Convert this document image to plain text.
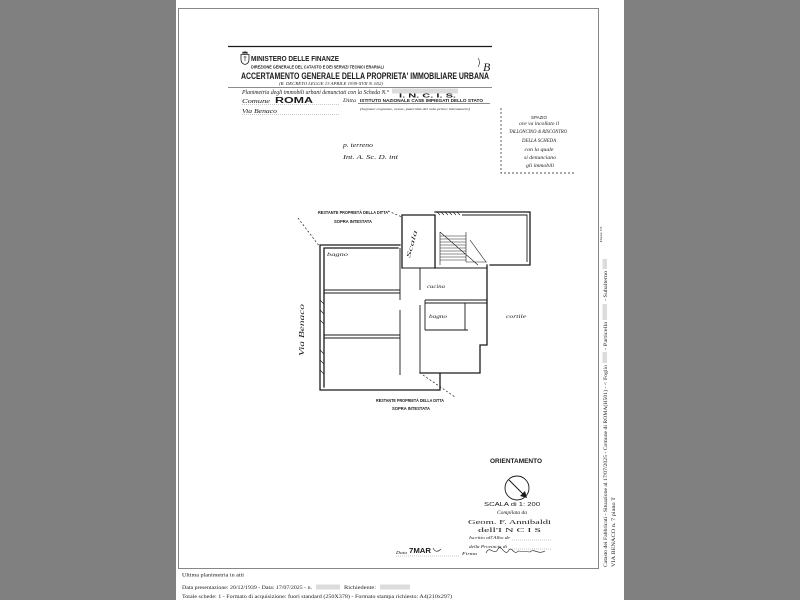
MINISTERO DELLE FINANZE
DIREZIONE GENERALE DEL CATASTO E DEI SERVIZI TECNICI ERARIALI
ACCERTAMENTO GENERALE DELLA PROPRIETA' IMMOBILIARE URBANA
(R. DECRETO LEGGE 13 APRILE 1939-XVII N. 652)
B
Planimetria degli immobili urbani denunciati con la Scheda N.°
I. N. C. I. S.
Comune ROMA	Ditta ISTITUTO NAZIONALE CASE IMPIEGATI DELLO STATO
Via Benaco	(Segnare cognome, nome, paternità del solo primo intestatario)
SPAZIO
ove va incollato il
TALLONCINO di RISCONTRO
DELLA SCHEDA
con la quale
si denunciano
gli immobili
p. terreno
Int. A. Sc. D. int
RESTANTE PROPRIETÀ DELLA DITTA
SOPRA INTESTATA
bagno	Scala
cucina
bagno	cortile
Via Benaco
RESTANTE PROPRIETÀ DELLA DITTA
SOPRA INTESTATA
ORIENTAMENTO
SCALA di 1: 200
Compilata da
Geom. F. Annibaldi
dell'I N C I S
Iscritto all'Albo de
della Provincia di
Firma
Data 7MAR
Ultima planimetria in atti
Data presentazione: 20/12/1939 - Data: 17/07/2025 - n.	Richiedente:
Totale schede: 1 - Formato di acquisizione: fuori standard (250X378) - Formato stampa richiesto: A4(210x297)
Catasto dei Fabbricati - Situazione al 17/07/2025 - Comune di ROMA(H501) - <
Foglio
- Particella
- Subalterno
VIA BENACO n. 7 piano T
Data: 01
